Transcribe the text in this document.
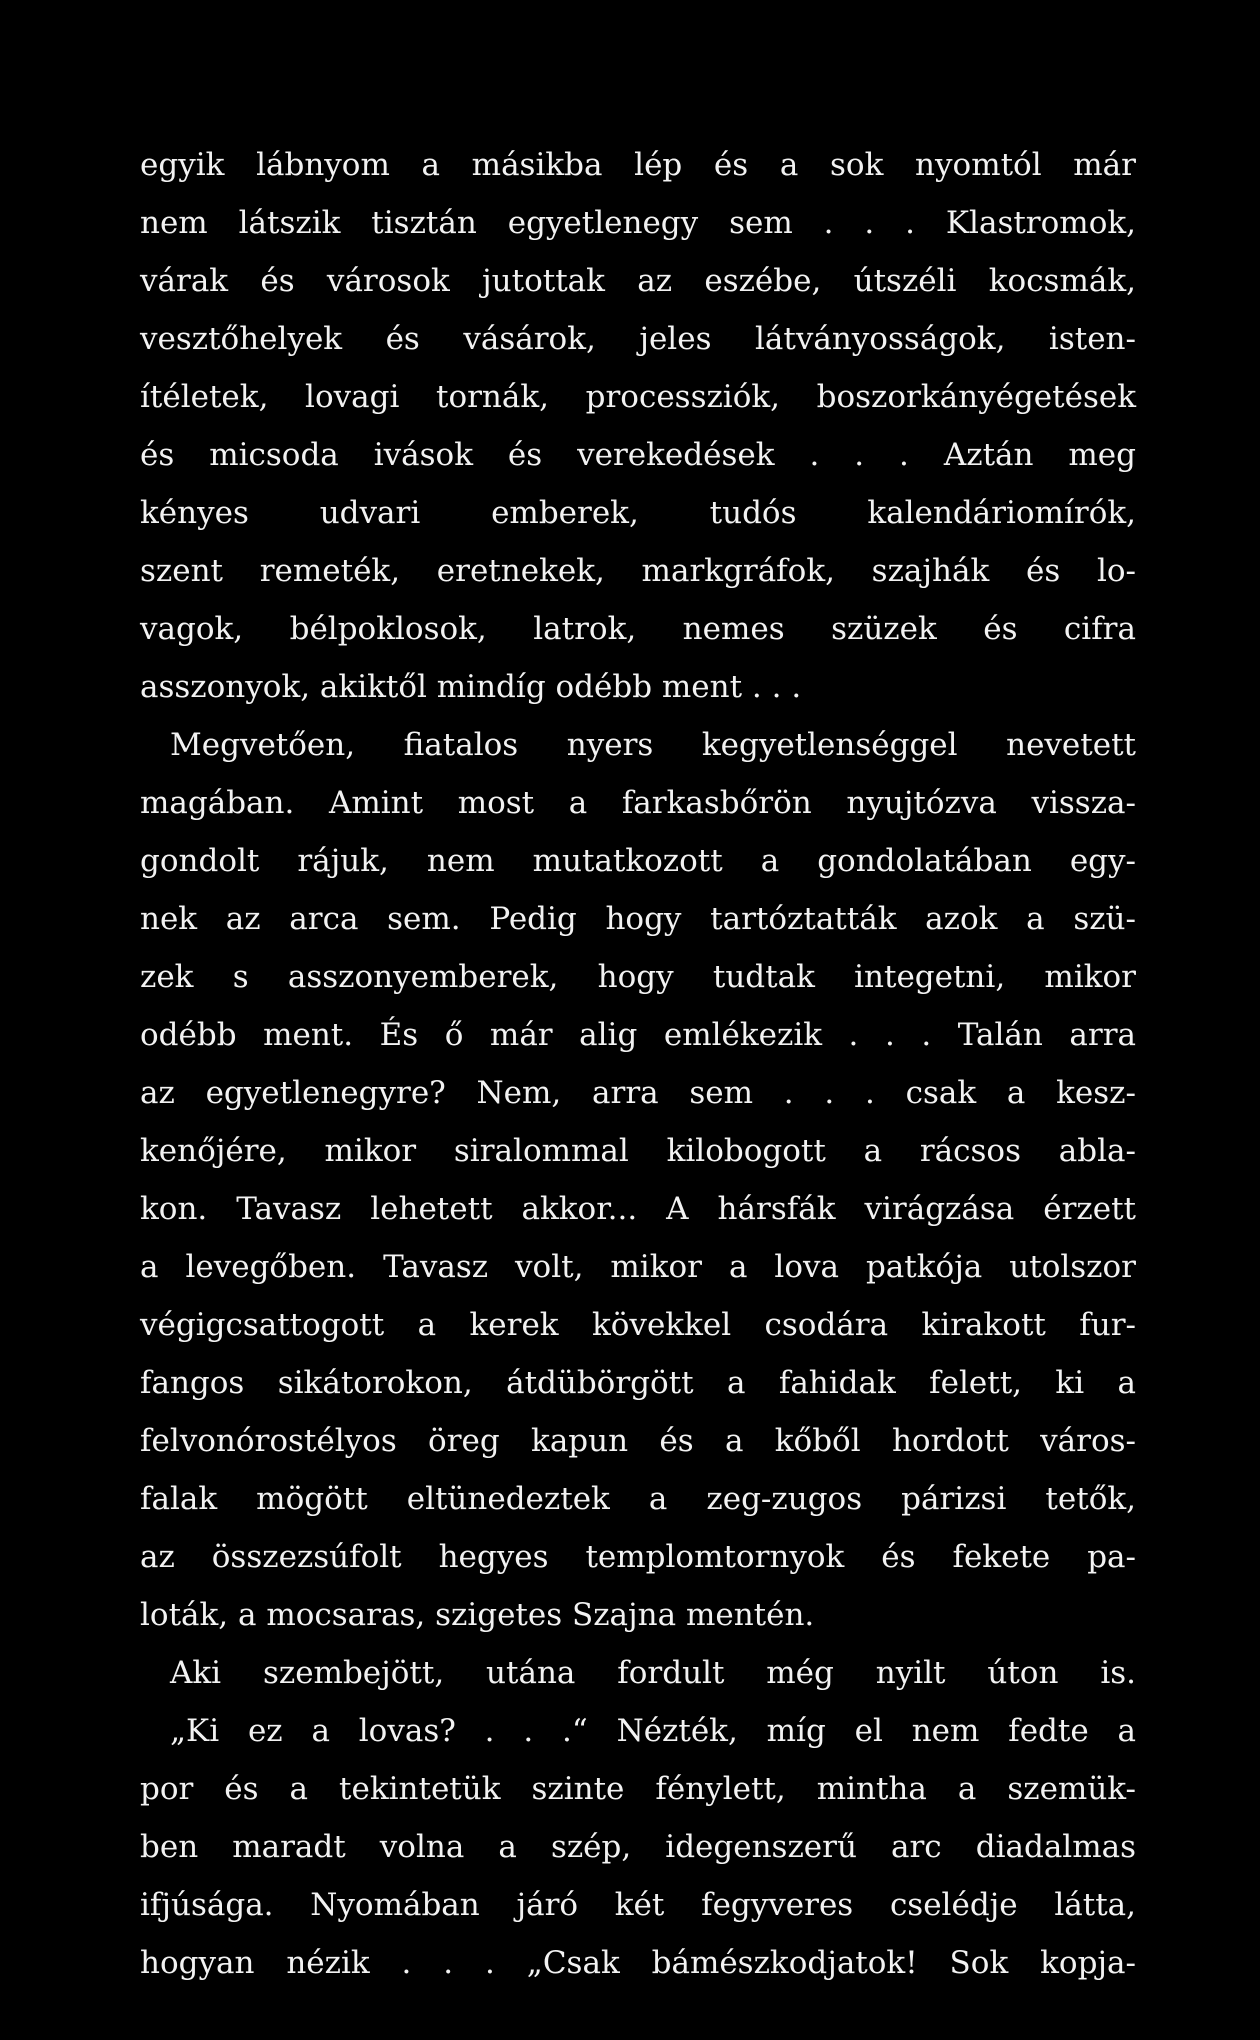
egyik lábnyom a másikba lép és a sok nyomtól már
nem látszik tisztán egyetlenegy sem . . . Klastromok,
várak és városok jutottak az eszébe, útszéli kocsmák,
vesztőhelyek és vásárok, jeles látványosságok, isten-
ítéletek, lovagi tornák, processziók, boszorkányégetések
és micsoda ivások és verekedések . . . Aztán meg
kényes udvari emberek, tudós kalendáriomírók,
szent remeték, eretnekek, markgráfok, szajhák és lo-
vagok, bélpoklosok, latrok, nemes szüzek és cifra
asszonyok, akiktől mindíg odébb ment . . .
Megvetően, fiatalos nyers kegyetlenséggel nevetett
magában. Amint most a farkasbőrön nyujtózva vissza-
gondolt rájuk, nem mutatkozott a gondolatában egy-
nek az arca sem. Pedig hogy tartóztatták azok a szü-
zek s asszonyemberek, hogy tudtak integetni, mikor
odébb ment. És ő már alig emlékezik . . . Talán arra
az egyetlenegyre? Nem, arra sem . . . csak a kesz-
kenőjére, mikor siralommal kilobogott a rácsos abla-
kon. Tavasz lehetett akkor... A hársfák virágzása érzett
a levegőben. Tavasz volt, mikor a lova patkója utolszor
végigcsattogott a kerek kövekkel csodára kirakott fur-
fangos sikátorokon, átdübörgött a fahidak felett, ki a
felvonórostélyos öreg kapun és a kőből hordott város-
falak mögött eltünedeztek a zeg-zugos párizsi tetők,
az összezsúfolt hegyes templomtornyok és fekete pa-
loták, a mocsaras, szigetes Szajna mentén.
Aki szembejött, utána fordult még nyilt úton is.
„Ki ez a lovas? . . .“ Nézték, míg el nem fedte a
por és a tekintetük szinte fénylett, mintha a szemük-
ben maradt volna a szép, idegenszerű arc diadalmas
ifjúsága. Nyomában járó két fegyveres cselédje látta,
hogyan nézik . . . „Csak bámészkodjatok! Sok kopja-
